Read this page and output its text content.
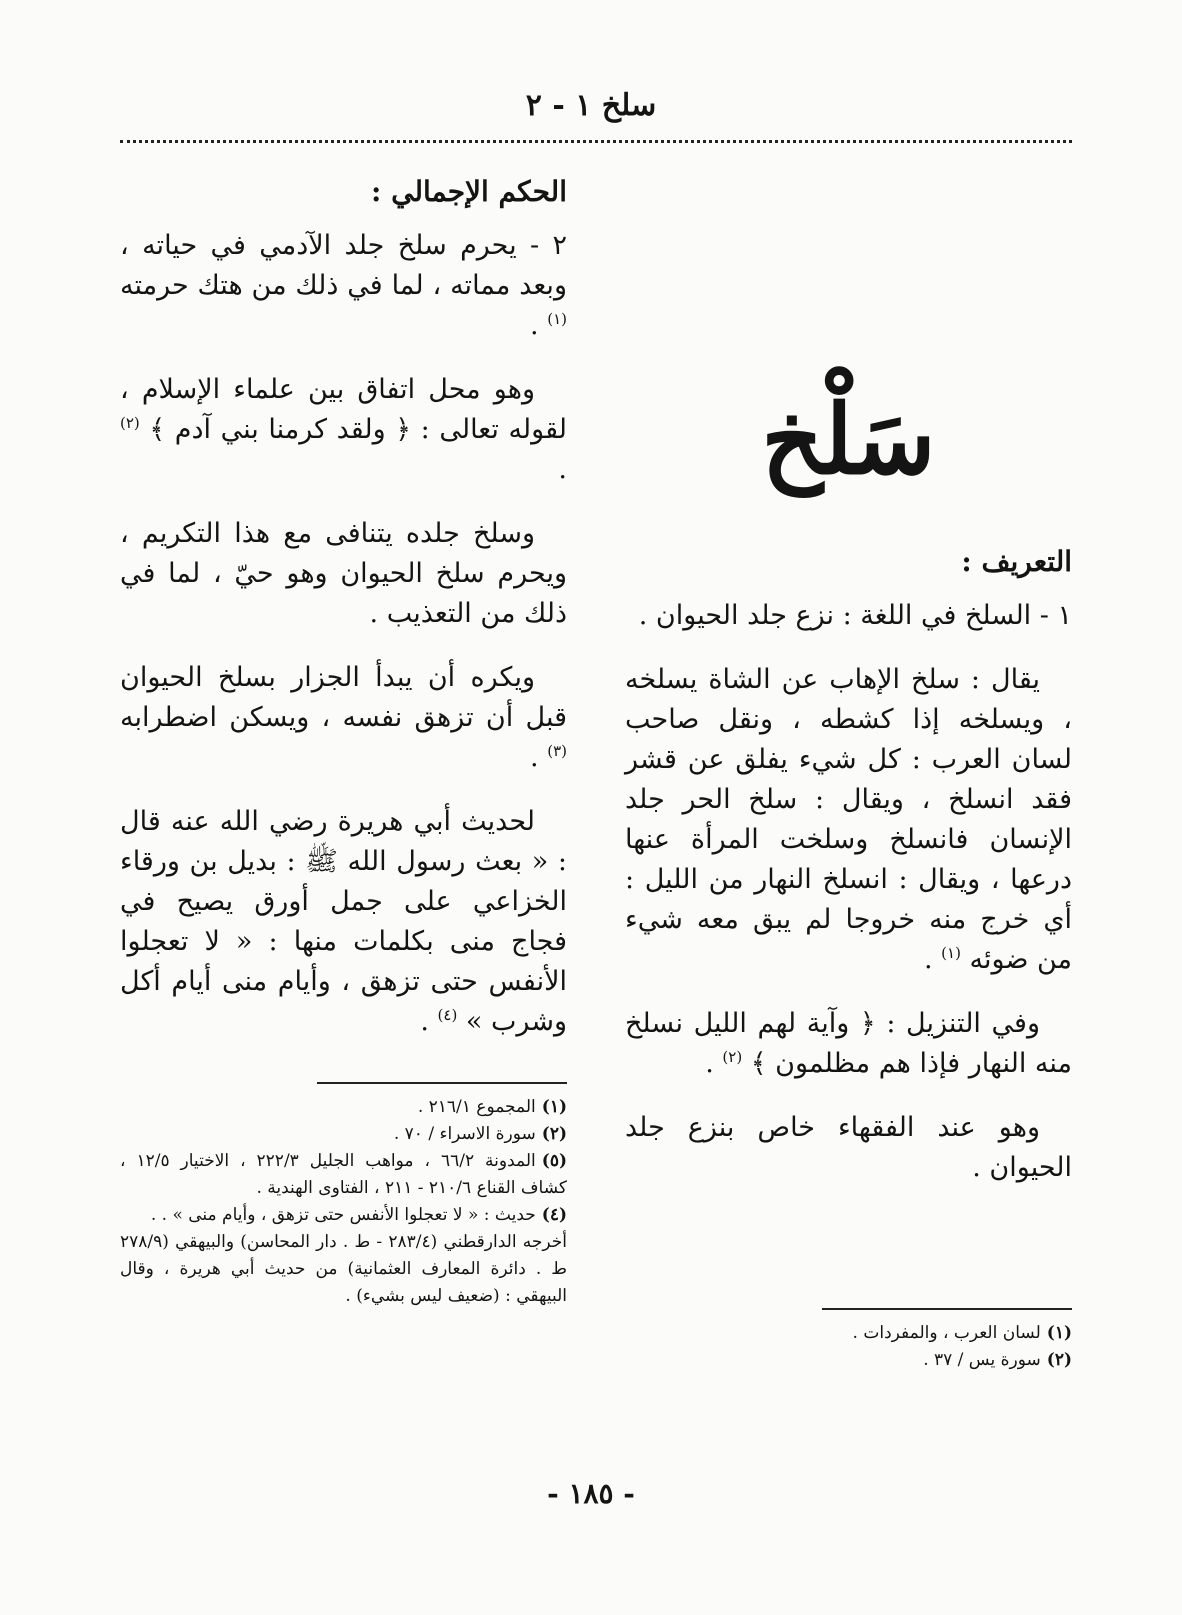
سلخ ١ - ٢
سَلْخ
التعريف :

١ - السلخ في اللغة : نزع جلد الحيوان .

يقال : سلخ الإهاب عن الشاة يسلخه ، ويسلخه إذا كشطه ، ونقل صاحب لسان العرب : كل شيء يفلق عن قشر فقد انسلخ ، ويقال : سلخ الحر جلد الإنسان فانسلخ وسلخت المرأة عنها درعها ، ويقال : انسلخ النهار من الليل : أي خرج منه خروجا لم يبق معه شيء من ضوئه $^{(١)}$ .

وفي التنزيل : ﴿ وآية لهم الليل نسلخ منه النهار فإذا هم مظلمون ﴾ $^{(٢)}$ .

وهو عند الفقهاء خاص بنزع جلد الحيوان .

(١)لسان العرب ، والمفردات .

(٢)سورة يس / ٣٧ .

الحكم الإجمالي :

٢ - يحرم سلخ جلد الآدمي في حياته ، وبعد مماته ، لما في ذلك من هتك حرمته $^{(١)}$ .

وهو محل اتفاق بين علماء الإسلام ، لقوله تعالى : ﴿ ولقد كرمنا بني آدم ﴾ $^{(٢)}$ .

وسلخ جلده يتنافى مع هذا التكريم ، ويحرم سلخ الحيوان وهو حيّ ، لما في ذلك من التعذيب .

ويكره أن يبدأ الجزار بسلخ الحيوان قبل أن تزهق نفسه ، ويسكن اضطرابه $^{(٣)}$ .

لحديث أبي هريرة رضي الله عنه قال : « بعث رسول الله ﷺ : بديل بن ورقاء الخزاعي على جمل أورق يصيح في فجاج منى بكلمات منها : « لا تعجلوا الأنفس حتى تزهق ، وأيام منى أيام أكل وشرب » $^{(٤)}$ .

(١)المجموع ٢١٦/١ .

(٢)سورة الاسراء / ٧٠ .

(٥)المدونة ٦٦/٢ ، مواهب الجليل ٢٢٢/٣ ، الاختيار ١٢/٥ ، كشاف القناع ٢١٠/٦ - ٢١١ ، الفتاوى الهندية .

(٤)حديث : « لا تعجلوا الأنفس حتى تزهق ، وأيام منى » . .

أخرجه الدارقطني (٢٨٣/٤ - ط . دار المحاسن) والبيهقي (٢٧٨/٩ ط . دائرة المعارف العثمانية) من حديث أبي هريرة ، وقال البيهقي : (ضعيف ليس بشيء) .

- ١٨٥ -
